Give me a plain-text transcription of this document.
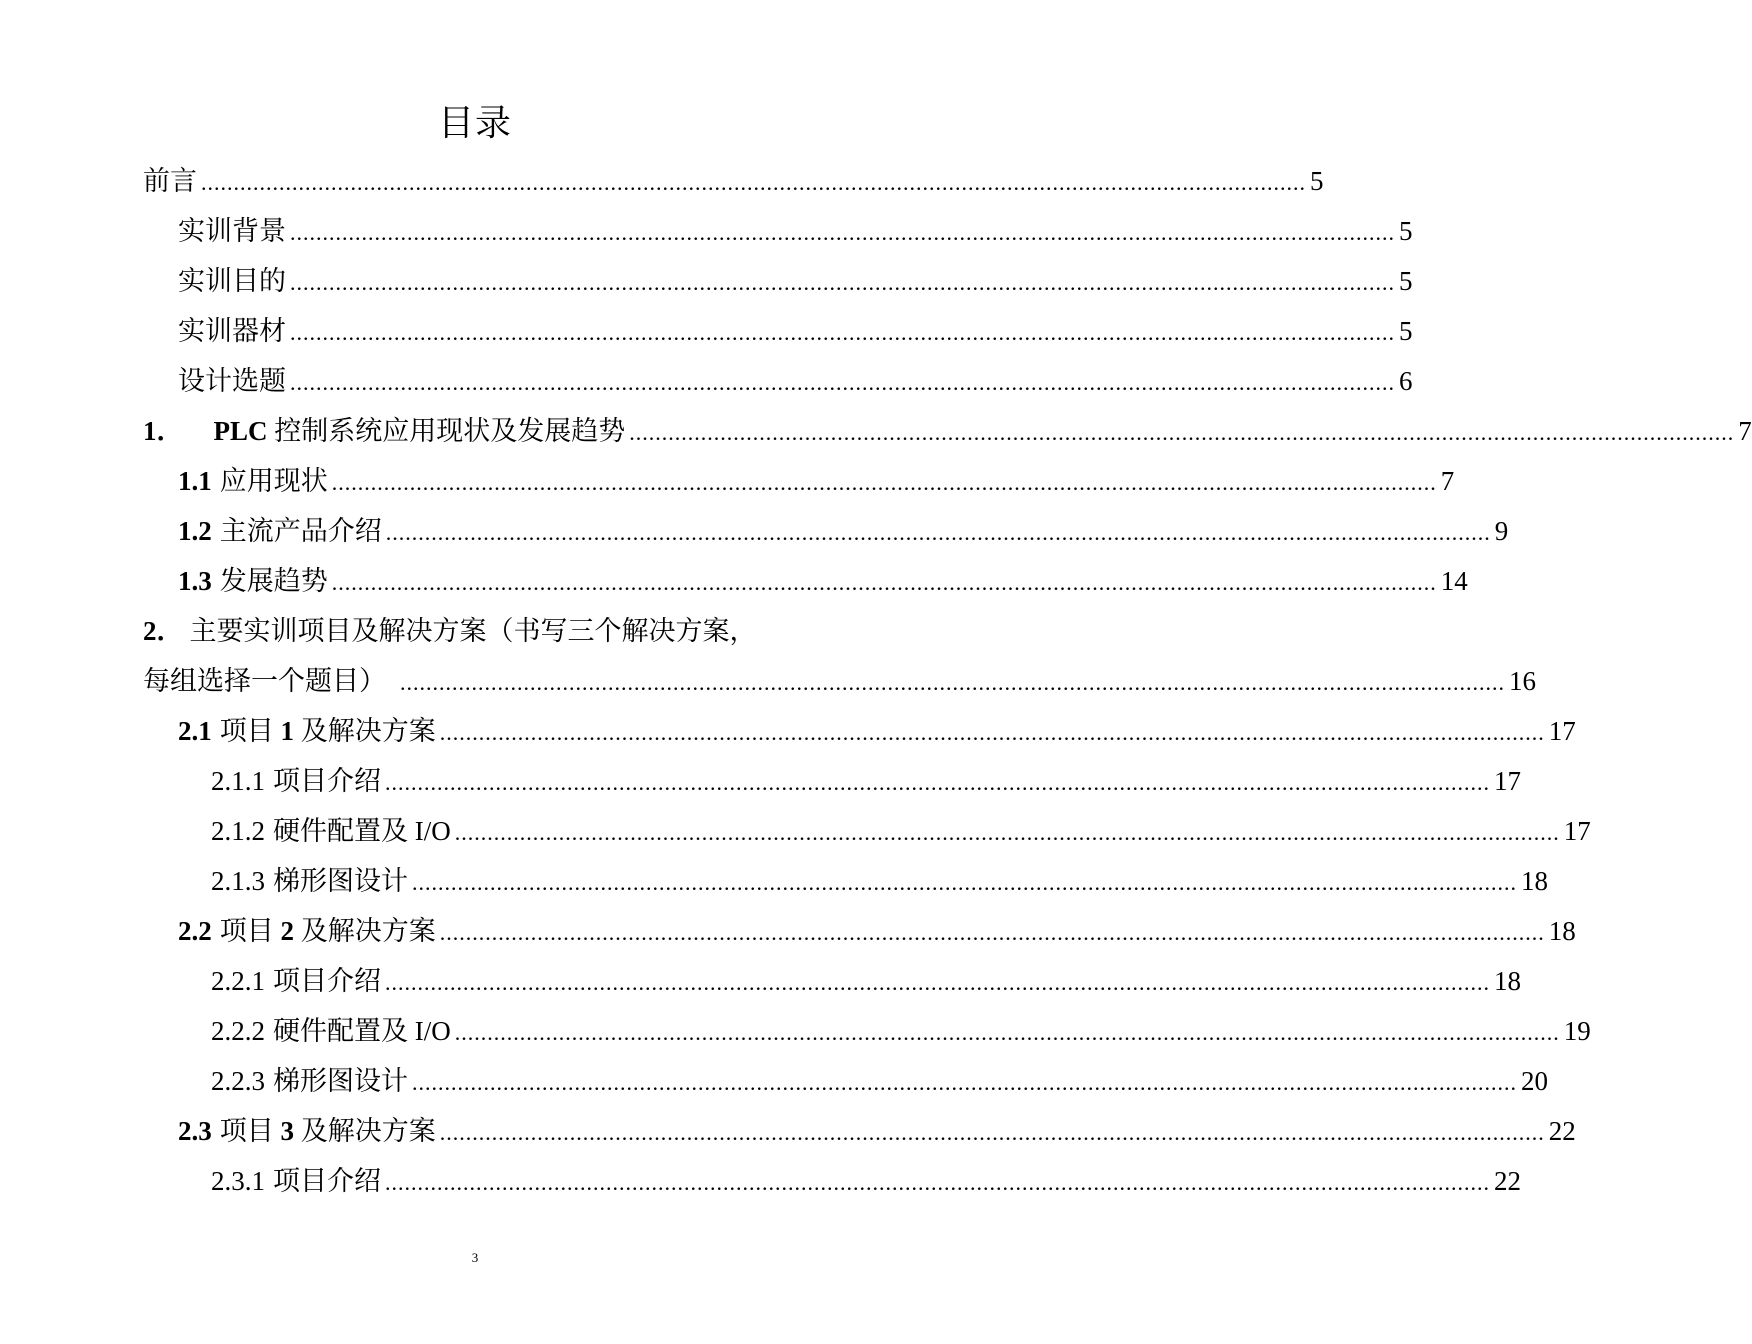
目录
前言 .......................................................................................................................................................................... 5
实训背景 .......................................................................................................................................................................... 5
实训目的 .......................................................................................................................................................................... 5
实训器材 .......................................................................................................................................................................... 5
设计选题 .......................................................................................................................................................................... 6
1． PLC 控制系统应用现状及发展趋势 .......................................................................................................................................................................... 7
1.1 应用现状 .......................................................................................................................................................................... 7
1.2 主流产品介绍 .......................................................................................................................................................................... 9
1.3 发展趋势 .......................................................................................................................................................................... 14
2． 主要实训项目及解决方案（书写三个解决方案，
每组选择一个题目） .......................................................................................................................................................................... 16
2.1 项目 1 及解决方案 .......................................................................................................................................................................... 17
2.1.1 项目介绍 .......................................................................................................................................................................... 17
2.1.2 硬件配置及 I/O .......................................................................................................................................................................... 17
2.1.3 梯形图设计 .......................................................................................................................................................................... 18
2.2 项目 2 及解决方案 .......................................................................................................................................................................... 18
2.2.1 项目介绍 .......................................................................................................................................................................... 18
2.2.2 硬件配置及 I/O .......................................................................................................................................................................... 19
2.2.3 梯形图设计 .......................................................................................................................................................................... 20
2.3 项目 3 及解决方案 .......................................................................................................................................................................... 22
2.3.1 项目介绍 .......................................................................................................................................................................... 22
3
